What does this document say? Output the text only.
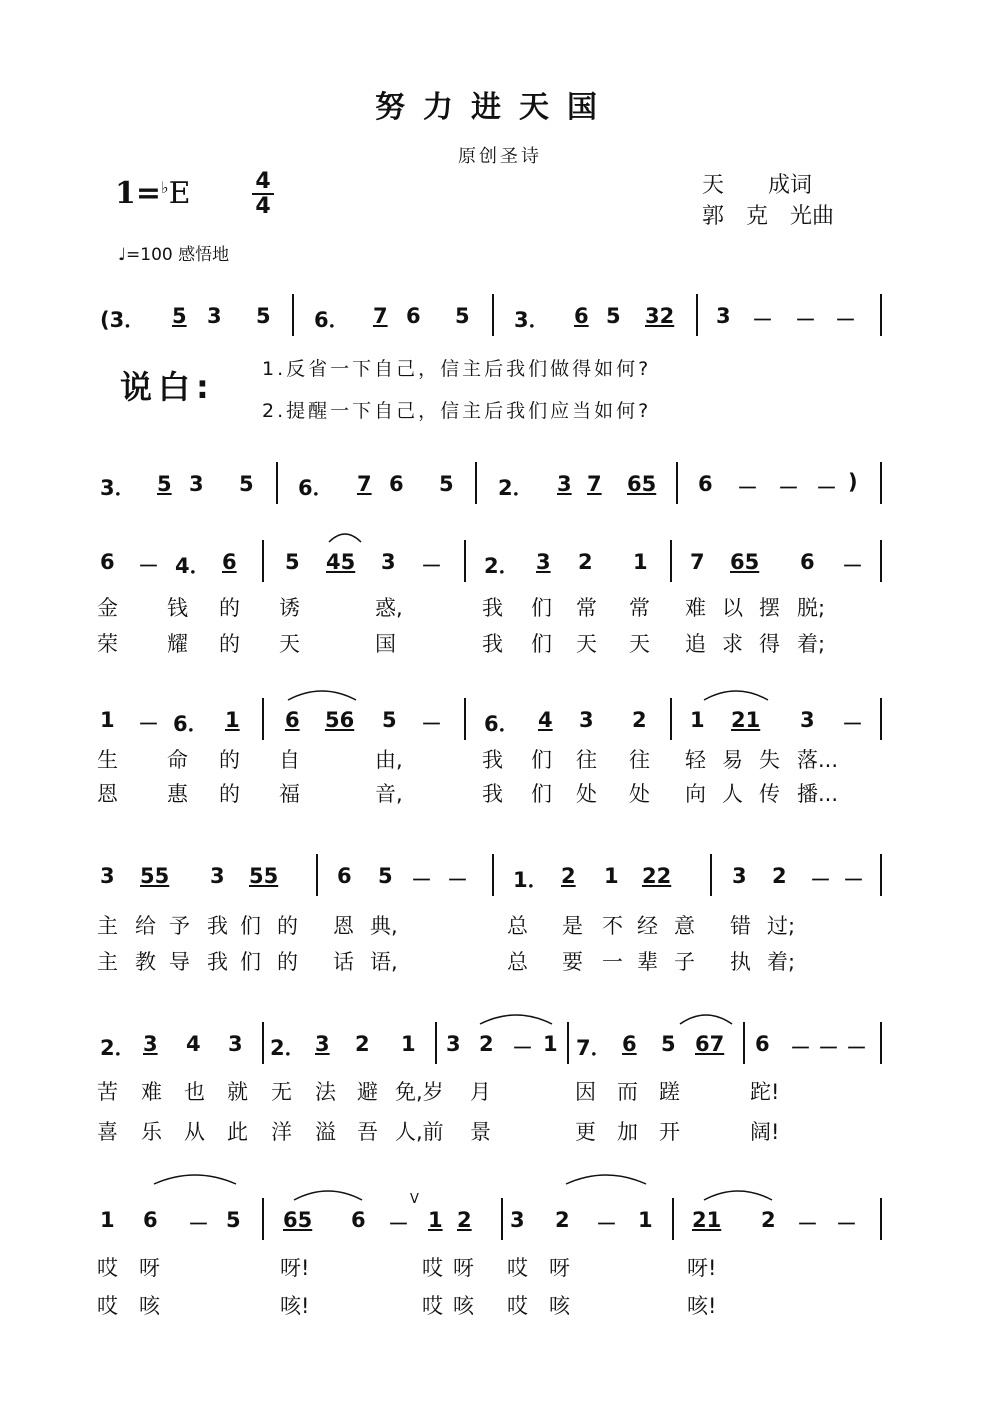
努力进天国
原创圣诗
1=♭E	4
4
天　　成词
郭　克　光曲
♩=100 感悟地
(3． 5 3 5 6． 7 6 5 3． 6 5 32 3 － － －
说白: 1.反省一下自己，信主后我们做得如何?
2.提醒一下自己，信主后我们应当如何?
3． 5 3 5 6． 7 6 5 2． 3 7 65 6 － － － )
6 － 4． 6 5 45 3 － 2． 3 2 1 7 65 6 －
金 钱 的 诱	惑,	我 们 常 常 难 以 摆 脱;
荣 耀 的 天	国	我 们 天 天 追 求 得 着;
1 － 6． 1 6 56 5 － 6． 4 3 2 1 21 3 －
生 命 的 自	由,	我 们 往 往 轻 易 失 落...
恩 惠 的 福	音,	我 们 处 处 向 人 传 播...
3 55 3 55	6 5 － － 1． 2 1 22	3 2 － －
主 给 予 我 们 的 恩 典,	总 是 不 经 意 错 过;
主 教 导 我 们 的 话 语,	总 要 一 辈 子 执 着;
2． 3 4 3 2． 3 2 1 3 2 － 1 7． 6 5 67 6 － － －
苦 难 也 就 无 法 避 免,岁 月	因 而 蹉	跎!
喜 乐 从 此 洋 溢 吾 人,前 景	更 加 开	阔!
1 6 － 5 65 6 －
V
1 2 3 2 － 1 21 2 － －
哎 呀	呀!	哎 呀 哎 呀	呀!
哎 咳	咳!	哎 咳 哎 咳	咳!
